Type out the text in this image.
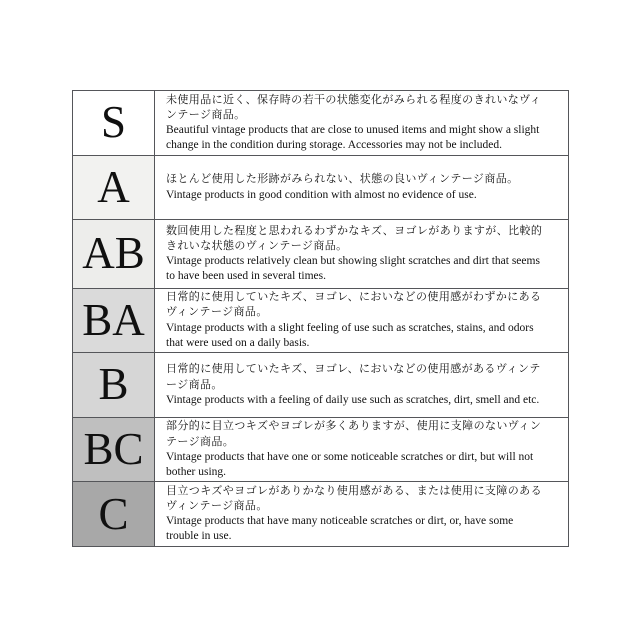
S	未使用品に近く、保存時の若干の状態変化がみられる程度のきれいなヴィンテージ商品。
Beautiful vintage products that are close to unused items and might show a slight change in the condition during storage. Accessories may not be included.
A	ほとんど使用した形跡がみられない、状態の良いヴィンテージ商品。
Vintage products in good condition with almost no evidence of use.
AB	数回使用した程度と思われるわずかなキズ、ヨゴレがありますが、比較的きれいな状態のヴィンテージ商品。
Vintage products relatively clean but showing slight scratches and dirt that seems to have been used in several times.
BA	日常的に使用していたキズ、ヨゴレ、においなどの使用感がわずかにあるヴィンテージ商品。
Vintage products with a slight feeling of use such as scratches, stains, and odors that were used on a daily basis.
B	日常的に使用していたキズ、ヨゴレ、においなどの使用感があるヴィンテージ商品。
Vintage products with a feeling of daily use such as scratches, dirt, smell and etc.
BC	部分的に目立つキズやヨゴレが多くありますが、使用に支障のないヴィンテージ商品。
Vintage products that have one or some noticeable scratches or dirt, but will not bother using.
C	目立つキズやヨゴレがありかなり使用感がある、または使用に支障のあるヴィンテージ商品。
Vintage products that have many noticeable scratches or dirt, or, have some trouble in use.
